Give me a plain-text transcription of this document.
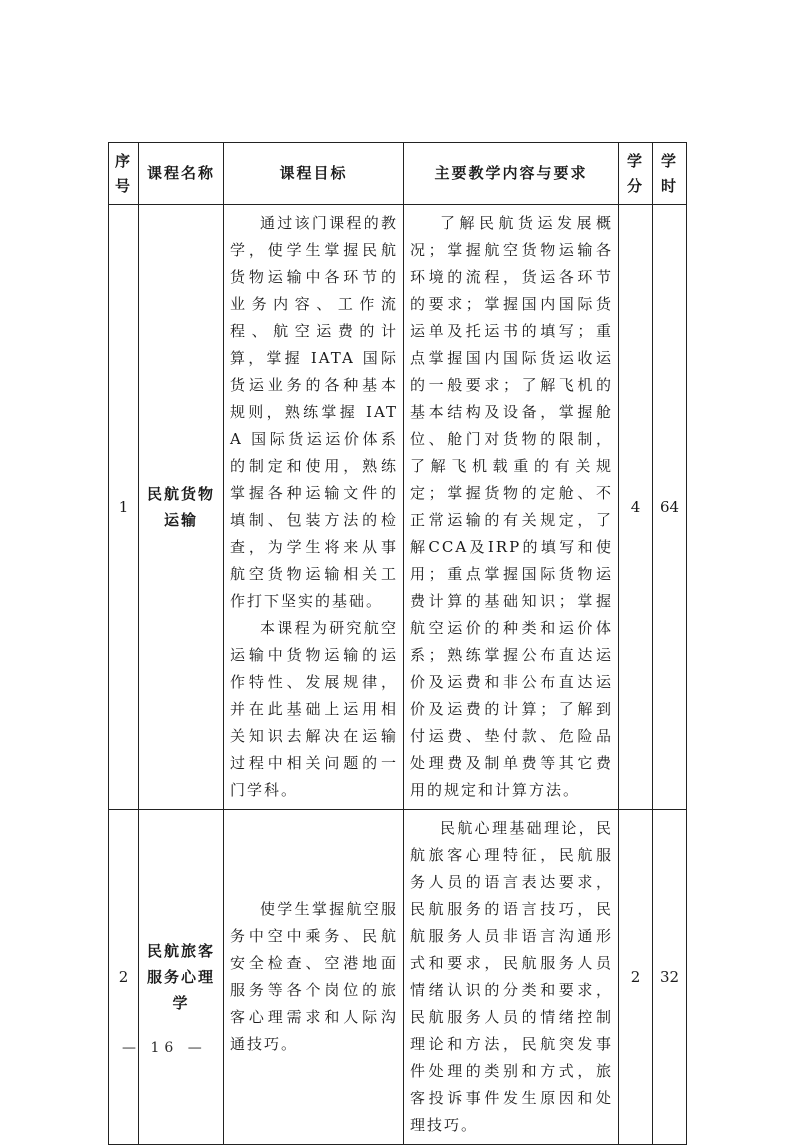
序号	课程名称	课程目标	主要教学内容与要求	学分	学时
1	民航货物运输	通过该门课程的教学，使学生掌握民航货物运输中各环节的业务内容、工作流程、航空运费的计算，掌握 IATA 国际货运业务的各种基本规则，熟练掌握 IATA 国际货运运价体系的制定和使用，熟练掌握各种运输文件的填制、包装方法的检查，为学生将来从事航空货物运输相关工作打下坚实的基础。

本课程为研究航空运输中货物运输的运作特性、发展规律，并在此基础上运用相关知识去解决在运输过程中相关问题的一门学科。	了解民航货运发展概况；掌握航空货物运输各环境的流程，货运各环节的要求；掌握国内国际货运单及托运书的填写；重点掌握国内国际货运收运的一般要求；了解飞机的基本结构及设备，掌握舱位、舱门对货物的限制，了解飞机载重的有关规定；掌握货物的定舱、不正常运输的有关规定，了解CCA及IRP的填写和使用；重点掌握国际货物运费计算的基础知识；掌握航空运价的种类和运价体系；熟练掌握公布直达运价及运费和非公布直达运价及运费的计算；了解到付运费、垫付款、危险品处理费及制单费等其它费用的规定和计算方法。	4	64
2	民航旅客服务心理学	使学生掌握航空服务中空中乘务、民航安全检查、空港地面服务等各个岗位的旅客心理需求和人际沟通技巧。	民航心理基础理论，民航旅客心理特征，民航服务人员的语言表达要求，民航服务的语言技巧，民航服务人员非语言沟通形式和要求，民航服务人员情绪认识的分类和要求，民航服务人员的情绪控制理论和方法，民航突发事件处理的类别和方式，旅客投诉事件发生原因和处理技巧。	2	32
— 16 —
